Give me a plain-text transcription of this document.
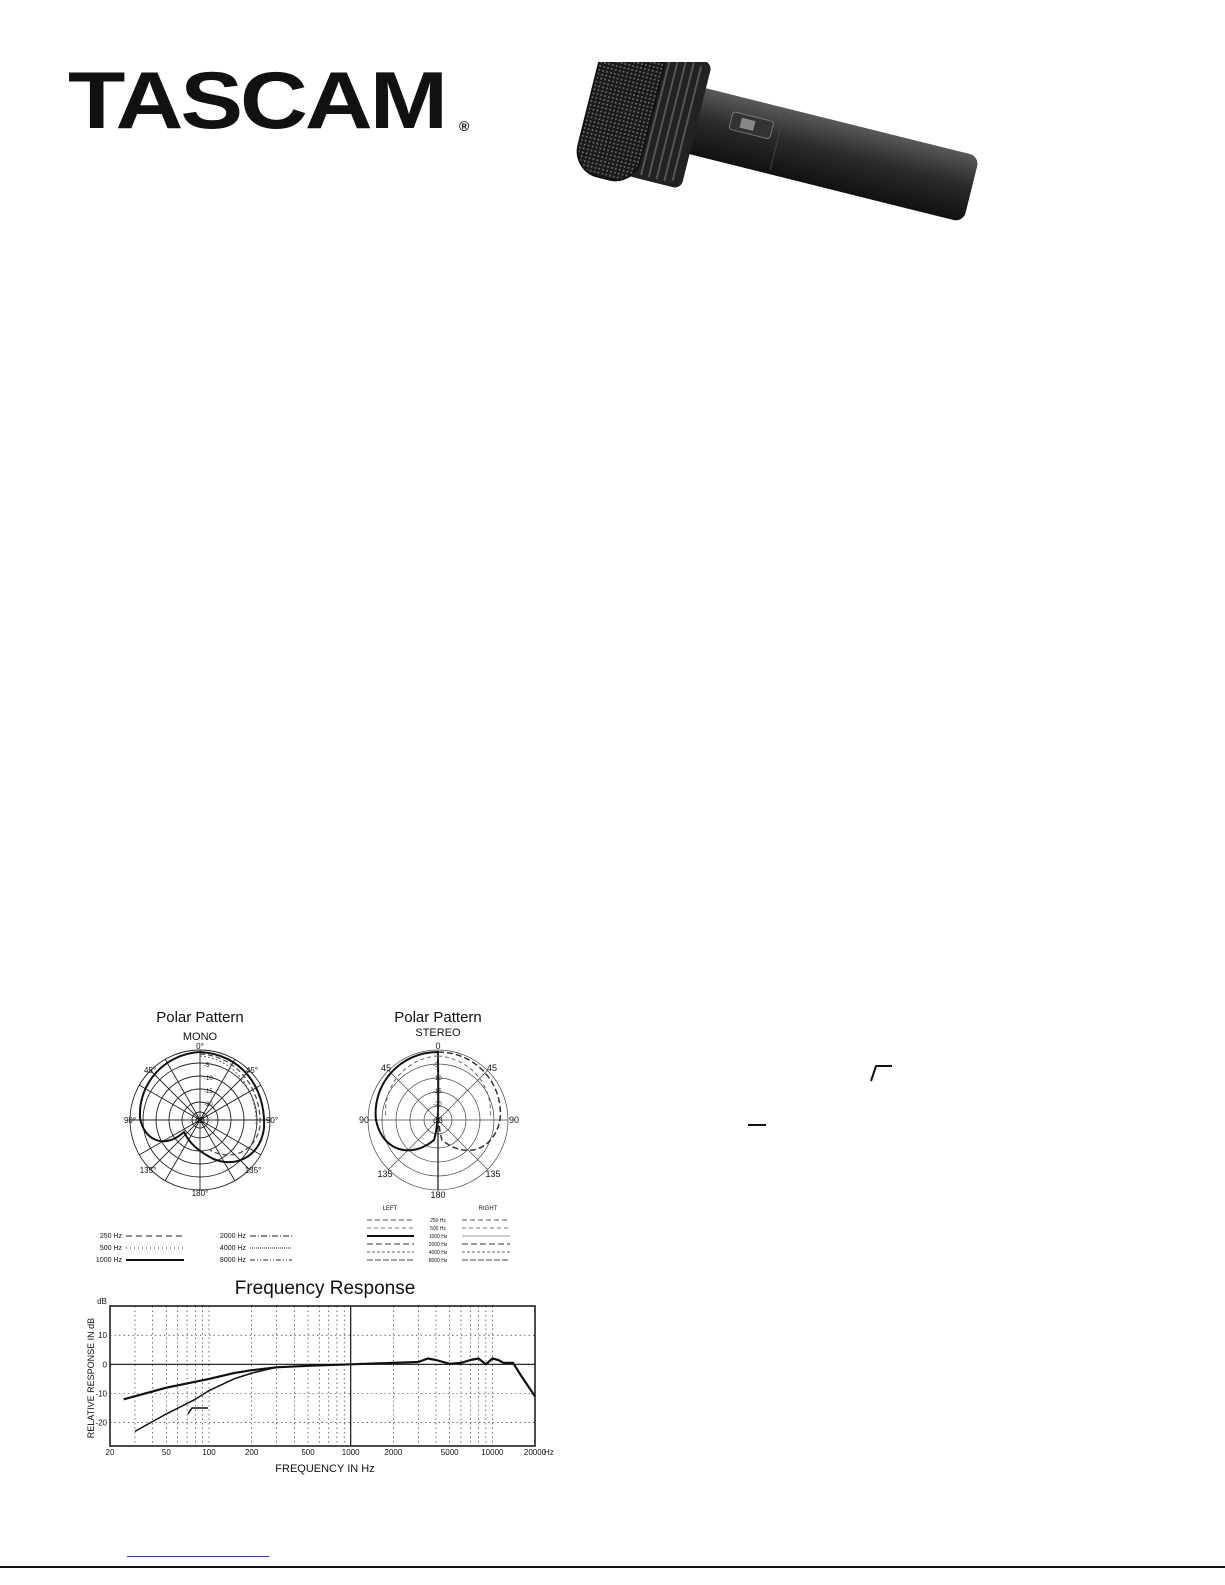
TASCAM ®
Polar Pattern
MONO
0°
45°	45°
90°	90°
135°	135°
180°
-5
-10
-15
-20
dB
250 Hz
500 Hz
1000 Hz
2000 Hz
4000 Hz
8000 Hz
Polar Pattern
STEREO
0
45	45
90	90
135	135
180
-5
-10
-15
-20
dB
LEFT	RIGHT
250 Hz
500 Hz
1000 Hz
2000 Hz
4000 Hz
8000 Hz
Frequency Response
dB
RELATIVE RESPONSE IN dB
FREQUENCY IN Hz
Hz
20	50	100	200	500	1000	2000	5000	10000	20000
10
0
-10
-20
